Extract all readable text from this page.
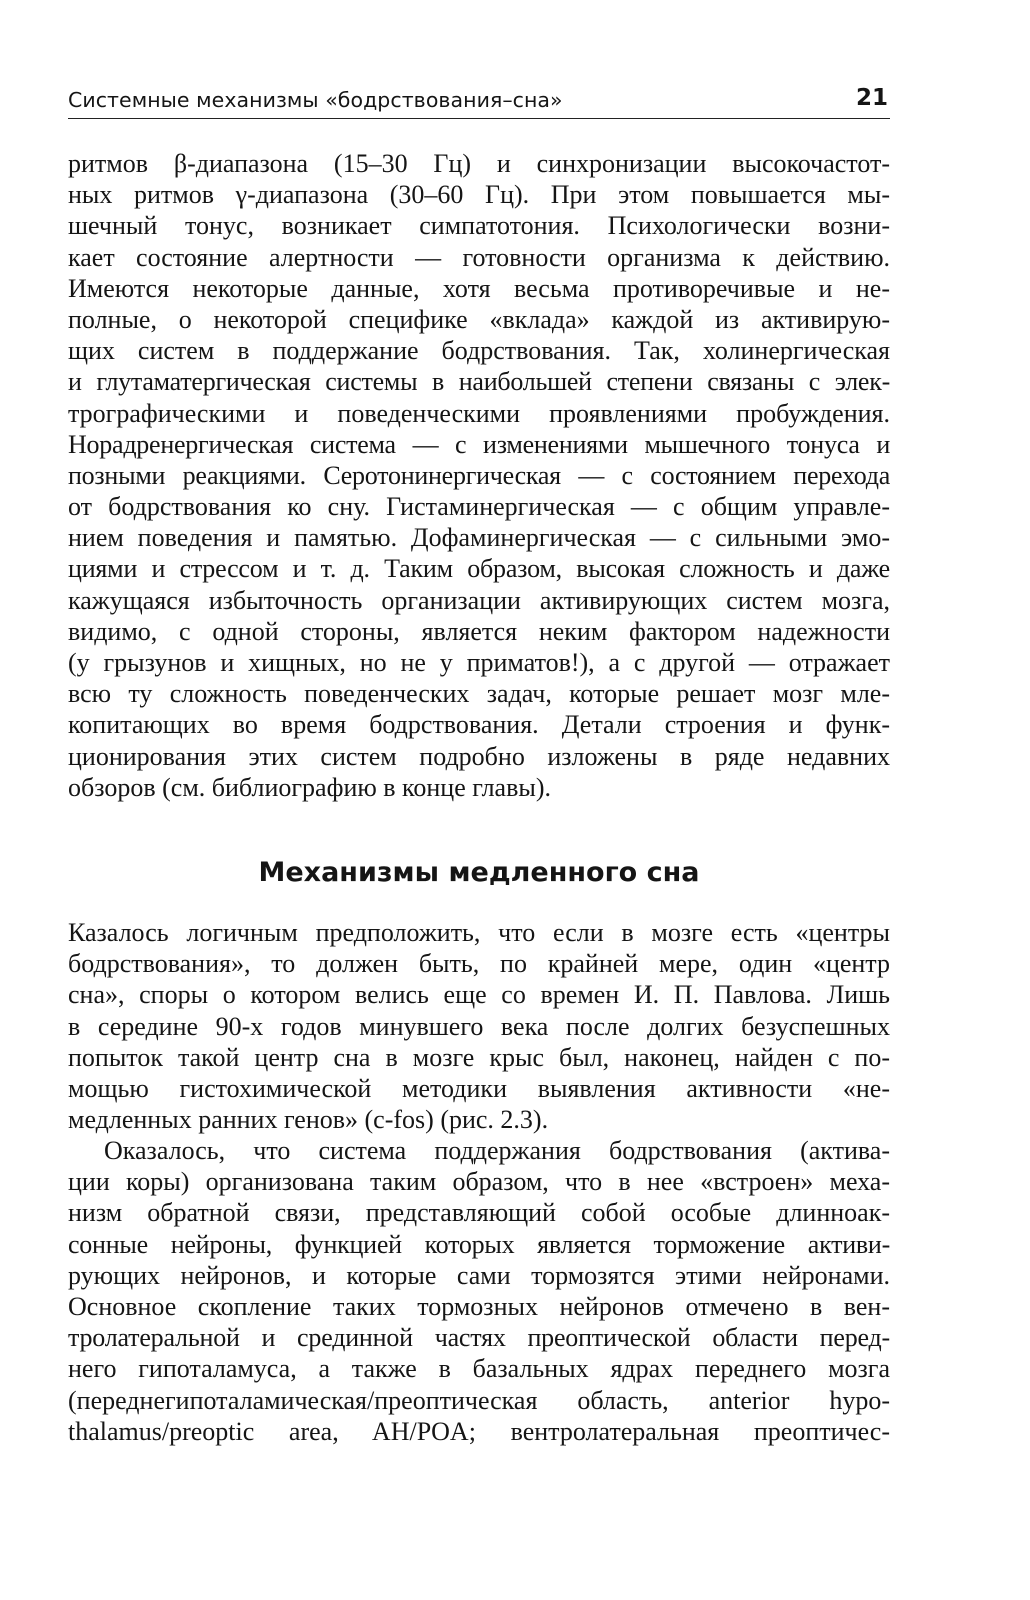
Системные механизмы «бодрствования–сна»	21
ритмов β-диапазона (15–30 Гц) и синхронизации высокочастот-
ных ритмов γ-диапазона (30–60 Гц). При этом повышается мы-
шечный тонус, возникает симпатотония. Психологически возни-
кает состояние алертности — готовности организма к действию.
Имеются некоторые данные, хотя весьма противоречивые и не-
полные, о некоторой специфике «вклада» каждой из активирую-
щих систем в поддержание бодрствования. Так, холинергическая
и глутаматергическая системы в наибольшей степени связаны с элек-
трографическими и поведенческими проявлениями пробуждения.
Норадренергическая система — с изменениями мышечного тонуса и
позными реакциями. Серотонинергическая — с состоянием перехода
от бодрствования ко сну. Гистаминергическая — с общим управле-
нием поведения и памятью. Дофаминергическая — с сильными эмо-
циями и стрессом и т. д. Таким образом, высокая сложность и даже
кажущаяся избыточность организации активирующих систем мозга,
видимо, с одной стороны, является неким фактором надежности
(у грызунов и хищных, но не у приматов!), а с другой — отражает
всю ту сложность поведенческих задач, которые решает мозг мле-
копитающих во время бодрствования. Детали строения и функ-
ционирования этих систем подробно изложены в ряде недавних
обзоров (см. библиографию в конце главы).
Механизмы медленного сна
Казалось логичным предположить, что если в мозге есть «центры
бодрствования», то должен быть, по крайней мере, один «центр
сна», споры о котором велись еще со времен И. П. Павлова. Лишь
в середине 90-х годов минувшего века после долгих безуспешных
попыток такой центр сна в мозге крыс был, наконец, найден с по-
мощью гистохимической методики выявления активности «не-
медленных ранних генов» (c-fos) (рис. 2.3).
Оказалось, что система поддержания бодрствования (актива-
ции коры) организована таким образом, что в нее «встроен» меха-
низм обратной связи, представляющий собой особые длинноак-
сонные нейроны, функцией которых является торможение активи-
рующих нейронов, и которые сами тормозятся этими нейронами.
Основное скопление таких тормозных нейронов отмечено в вен-
тролатеральной и срединной частях преоптической области перед-
него гипоталамуса, а также в базальных ядрах переднего мозга
(переднегипоталамическая/преоптическая область, anterior hypo-
thalamus/preoptic area, AH/POA; вентролатеральная преоптичес-
